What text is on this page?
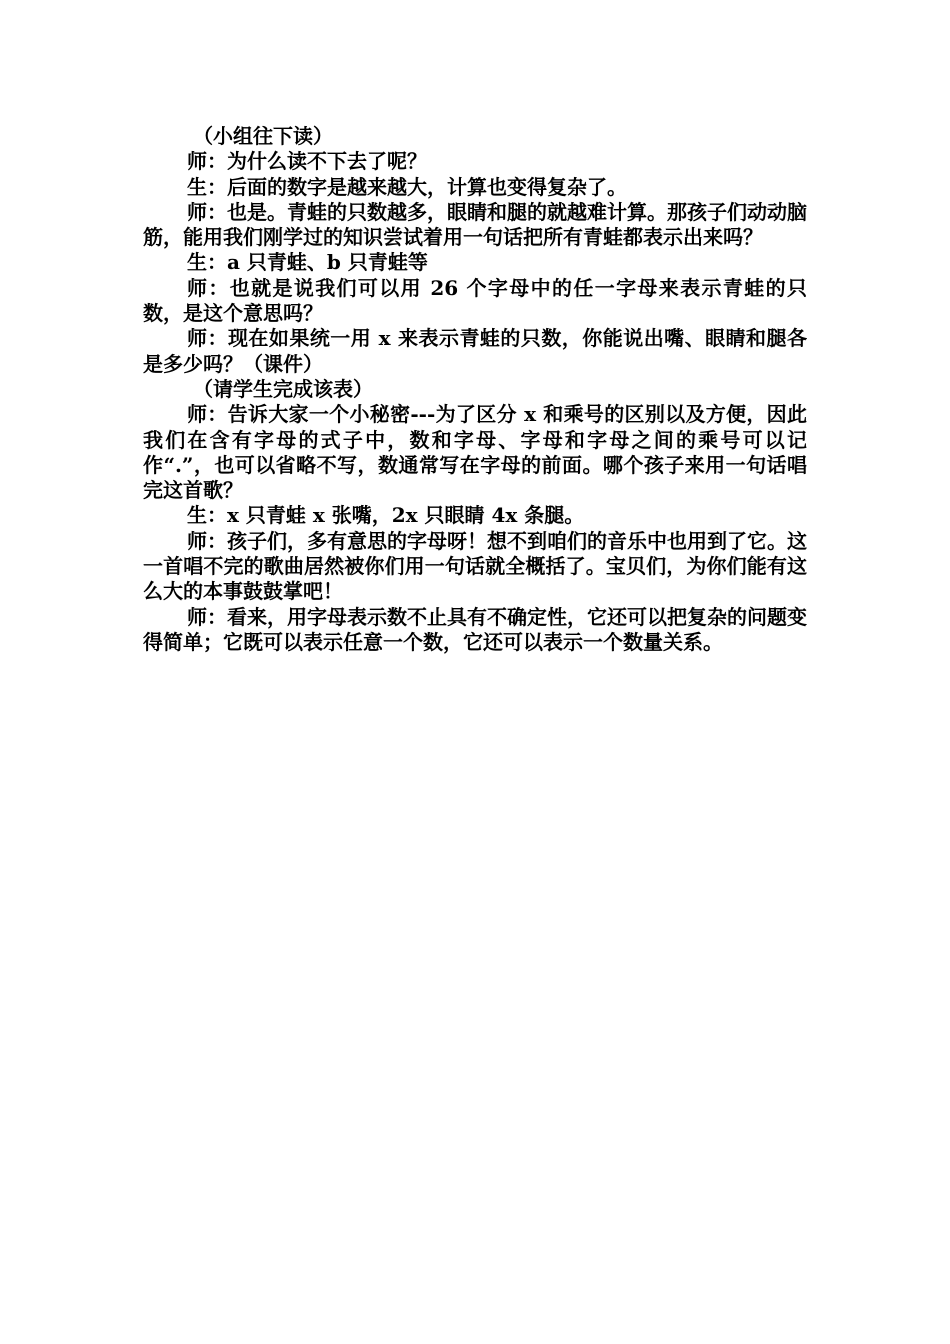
（小组往下读）

师：为什么读不下去了呢？

生：后面的数字是越来越大，计算也变得复杂了。

师：也是。青蛙的只数越多，眼睛和腿的就越难计算。那孩子们动动脑筋，能用我们刚学过的知识尝试着用一句话把所有青蛙都表示出来吗？

生：a 只青蛙、b 只青蛙等

师：也就是说我们可以用 26 个字母中的任一字母来表示青蛙的只数，是这个意思吗？

师：现在如果统一用 x 来表示青蛙的只数，你能说出嘴、眼睛和腿各是多少吗？（课件）

（请学生完成该表）

师：告诉大家一个小秘密---为了区分 x 和乘号的区别以及方便，因此我们在含有字母的式子中，数和字母、字母和字母之间的乘号可以记作“.”，也可以省略不写，数通常写在字母的前面。哪个孩子来用一句话唱完这首歌？

生：x 只青蛙 x 张嘴，2x 只眼睛 4x 条腿。

师：孩子们，多有意思的字母呀！想不到咱们的音乐中也用到了它。这一首唱不完的歌曲居然被你们用一句话就全概括了。宝贝们，为你们能有这么大的本事鼓鼓掌吧！

师：看来，用字母表示数不止具有不确定性，它还可以把复杂的问题变得简单；它既可以表示任意一个数，它还可以表示一个数量关系。
